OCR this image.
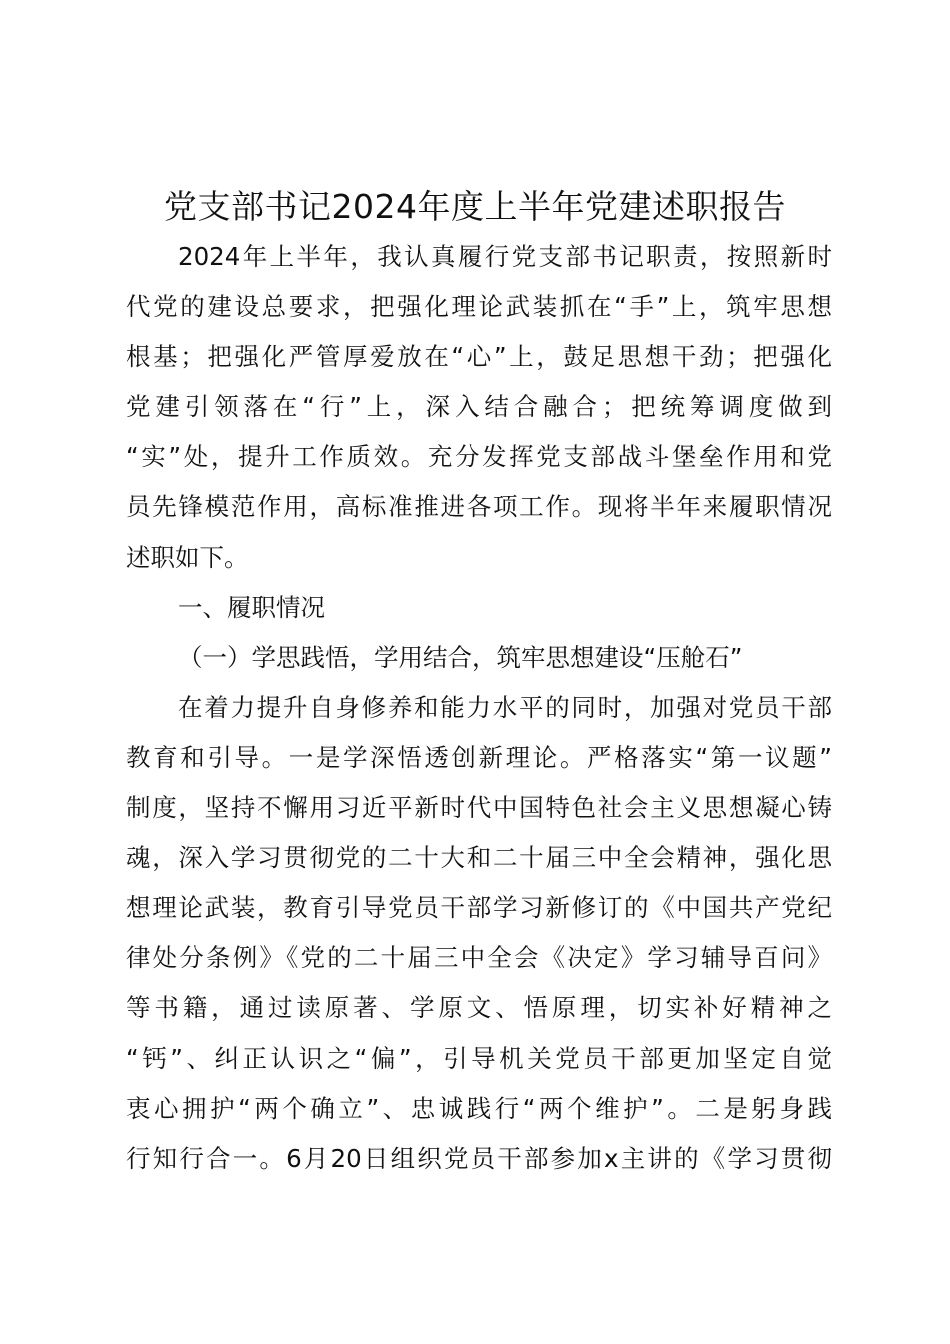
党支部书记2024年度上半年党建述职报告
2024年上半年，我认真履行党支部书记职责，按照新时
代党的建设总要求，把强化理论武装抓在“手”上，筑牢思想
根基；把强化严管厚爱放在“心”上，鼓足思想干劲；把强化
党建引领落在“行”上，深入结合融合；把统筹调度做到
“实”处，提升工作质效。充分发挥党支部战斗堡垒作用和党
员先锋模范作用，高标准推进各项工作。现将半年来履职情况
述职如下。
一、履职情况
（一）学思践悟，学用结合，筑牢思想建设“压舱石”
在着力提升自身修养和能力水平的同时，加强对党员干部
教育和引导。一是学深悟透创新理论。严格落实“第一议题”
制度，坚持不懈用习近平新时代中国特色社会主义思想凝心铸
魂，深入学习贯彻党的二十大和二十届三中全会精神，强化思
想理论武装，教育引导党员干部学习新修订的《中国共产党纪
律处分条例》《党的二十届三中全会《决定》学习辅导百问》
等书籍，通过读原著、学原文、悟原理，切实补好精神之
“钙”、纠正认识之“偏”，引导机关党员干部更加坚定自觉
衷心拥护“两个确立”、忠诚践行“两个维护”。二是躬身践
行知行合一。6月20日组织党员干部参加x主讲的《学习贯彻
